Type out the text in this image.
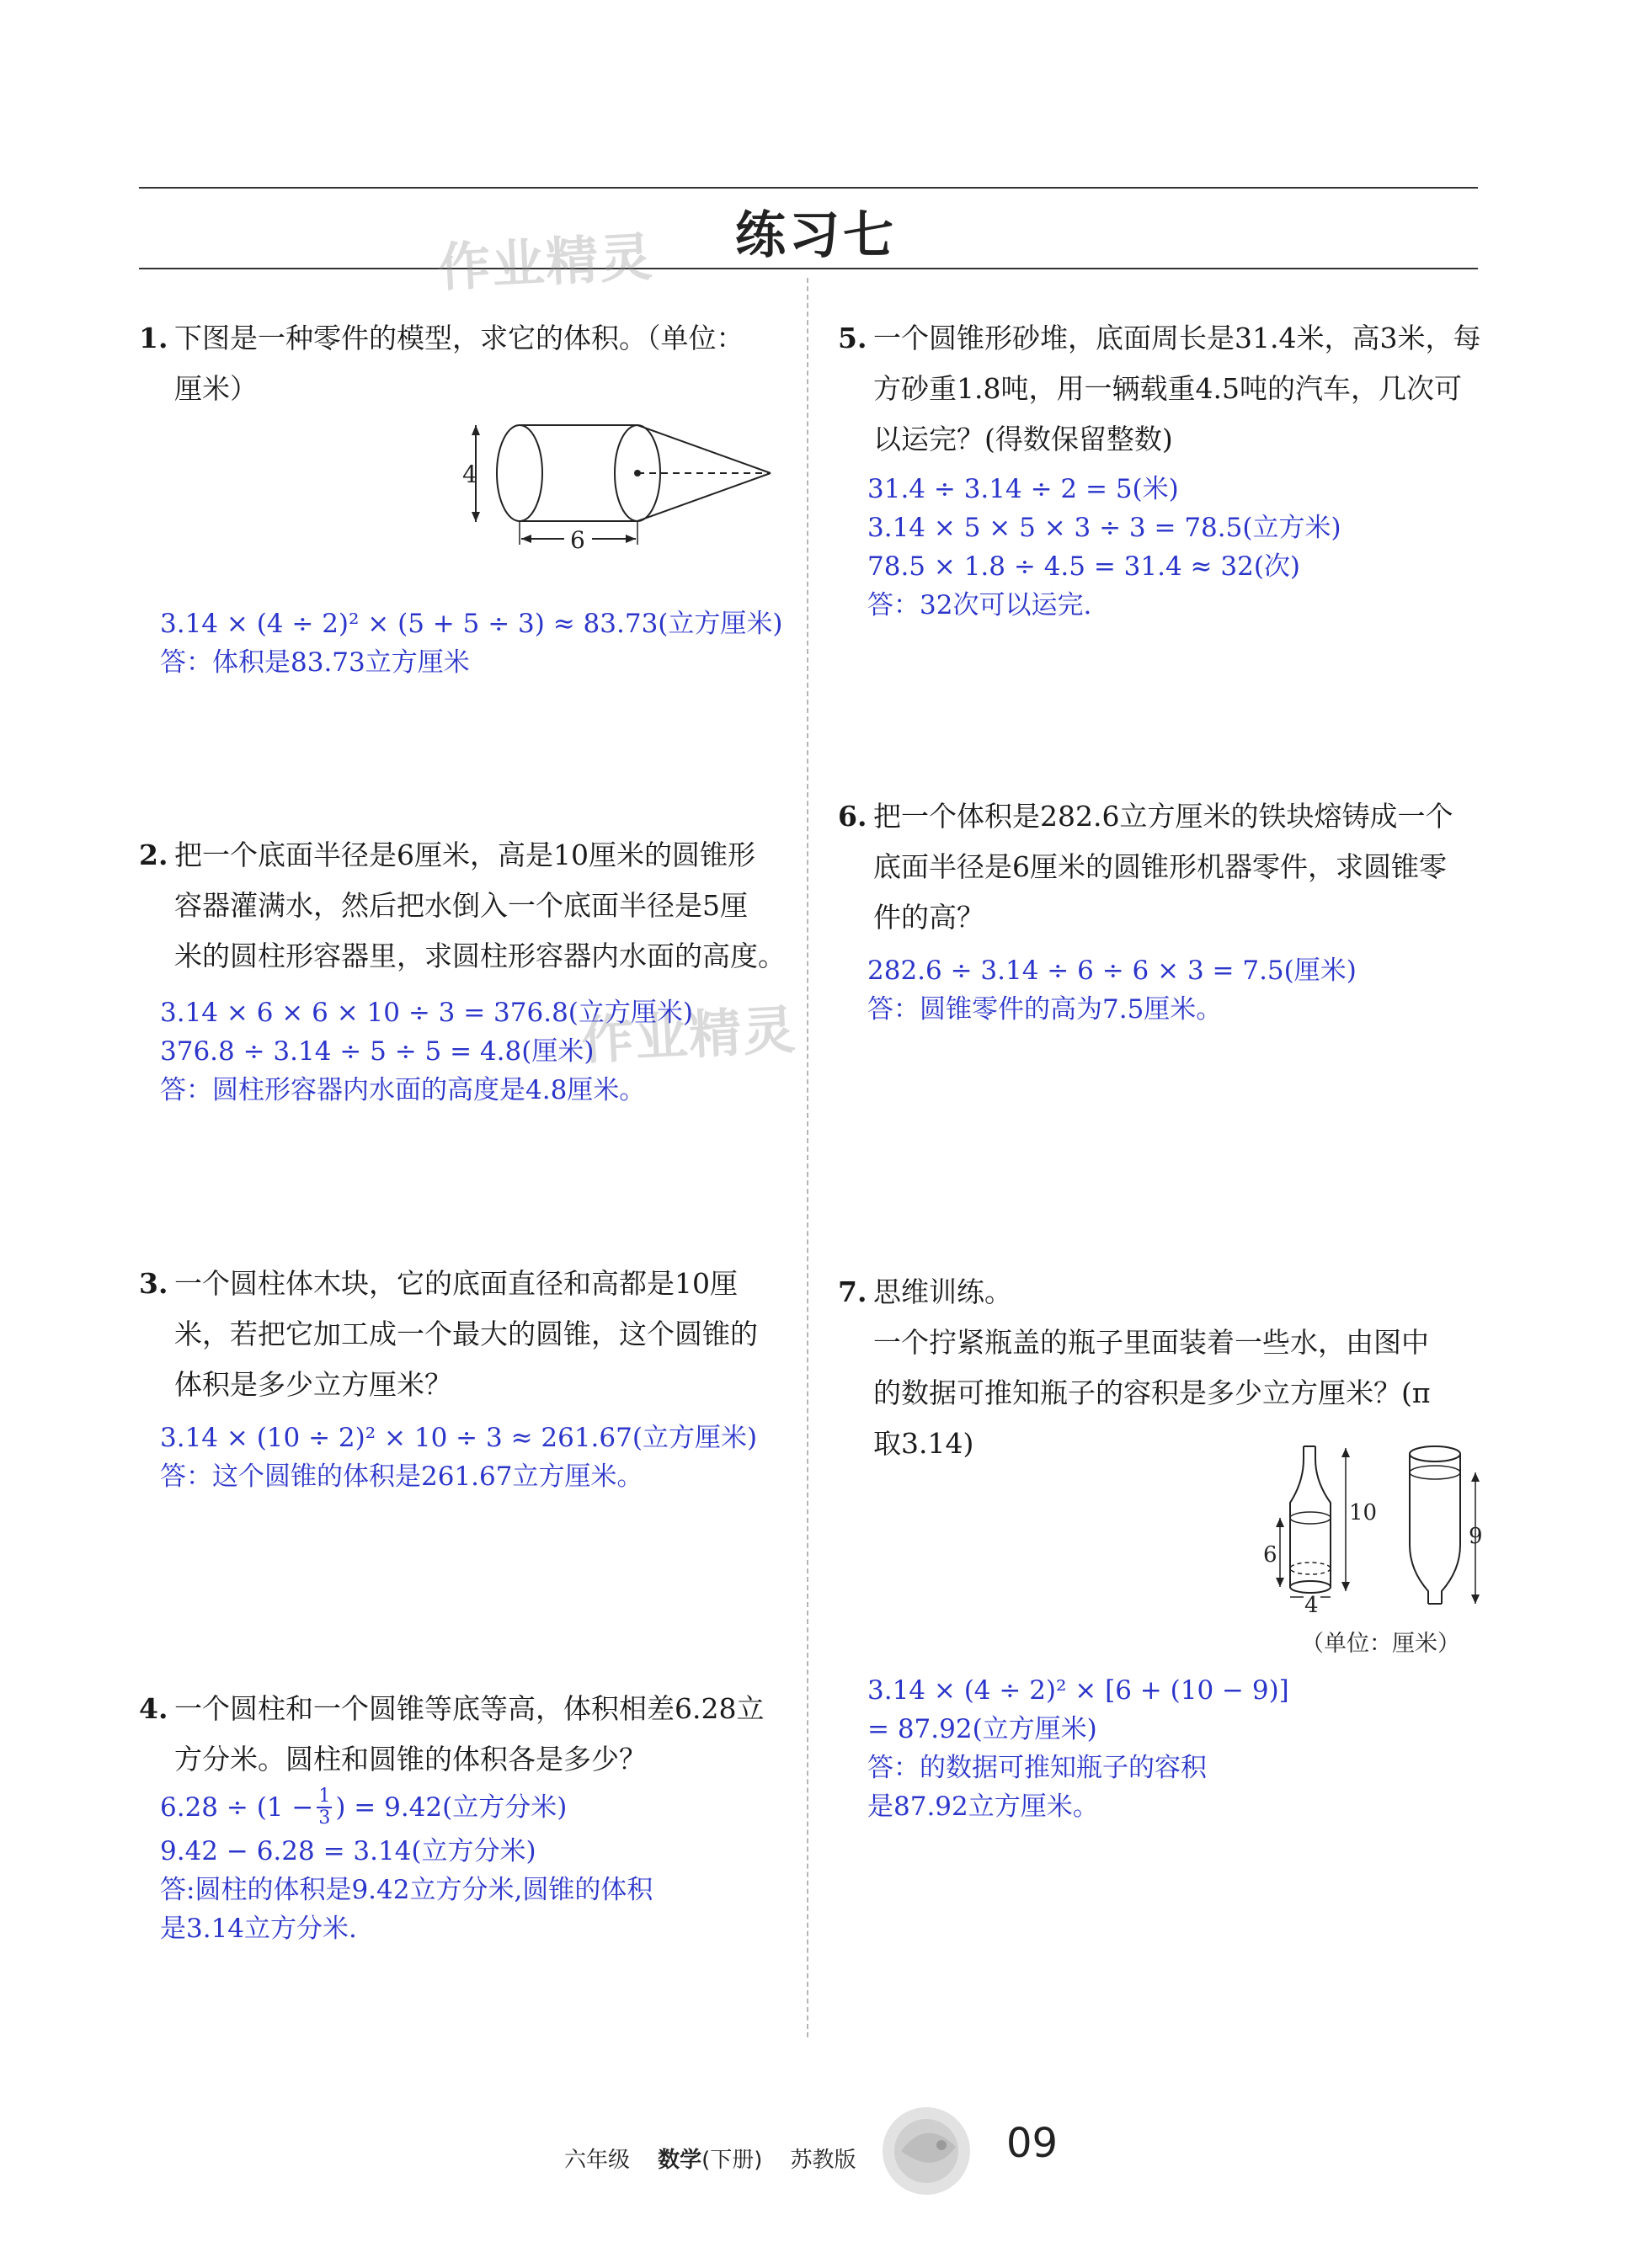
练习七
作业精灵
作业精灵
1. 下图是一种零件的模型，求它的体积。（单位：
厘米）
4
6
3.14 × (4 ÷ 2)² × (5 + 5 ÷ 3) ≈ 83.73(立方厘米)
答：体积是83.73立方厘米
2. 把一个底面半径是6厘米，高是10厘米的圆锥形
容器灌满水，然后把水倒入一个底面半径是5厘
米的圆柱形容器里，求圆柱形容器内水面的高度。
3.14 × 6 × 6 × 10 ÷ 3 = 376.8(立方厘米)
376.8 ÷ 3.14 ÷ 5 ÷ 5 = 4.8(厘米)
答：圆柱形容器内水面的高度是4.8厘米。
3. 一个圆柱体木块，它的底面直径和高都是10厘
米，若把它加工成一个最大的圆锥，这个圆锥的
体积是多少立方厘米？
3.14 × (10 ÷ 2)² × 10 ÷ 3 ≈ 261.67(立方厘米)
答：这个圆锥的体积是261.67立方厘米。
4. 一个圆柱和一个圆锥等底等高，体积相差6.28立
方分米。圆柱和圆锥的体积各是多少？
$6.28 \div (1 - \frac{1}{3}$ ) = 9.42(立方分米)
9.42 − 6.28 = 3.14(立方分米)
答:圆柱的体积是9.42立方分米,圆锥的体积
是3.14立方分米.
5. 一个圆锥形砂堆，底面周长是31.4米，高3米，每
方砂重1.8吨，用一辆载重4.5吨的汽车，几次可
以运完？(得数保留整数)
31.4 ÷ 3.14 ÷ 2 = 5(米)
3.14 × 5 × 5 × 3 ÷ 3 = 78.5(立方米)
78.5 × 1.8 ÷ 4.5 = 31.4 ≈ 32(次)
答：32次可以运完.
6. 把一个体积是282.6立方厘米的铁块熔铸成一个
底面半径是6厘米的圆锥形机器零件，求圆锥零
件的高？
282.6 ÷ 3.14 ÷ 6 ÷ 6 × 3 = 7.5(厘米)
答：圆锥零件的高为7.5厘米。
7. 思维训练。
一个拧紧瓶盖的瓶子里面装着一些水，由图中
的数据可推知瓶子的容积是多少立方厘米？(π
取3.14)
10
6
4
9
（单位：厘米）
3.14 × (4 ÷ 2)² × [6 + (10 − 9)]
= 87.92(立方厘米)
答：的数据可推知瓶子的容积
是87.92立方厘米。
六年级 数学(下册) 苏教版	09
